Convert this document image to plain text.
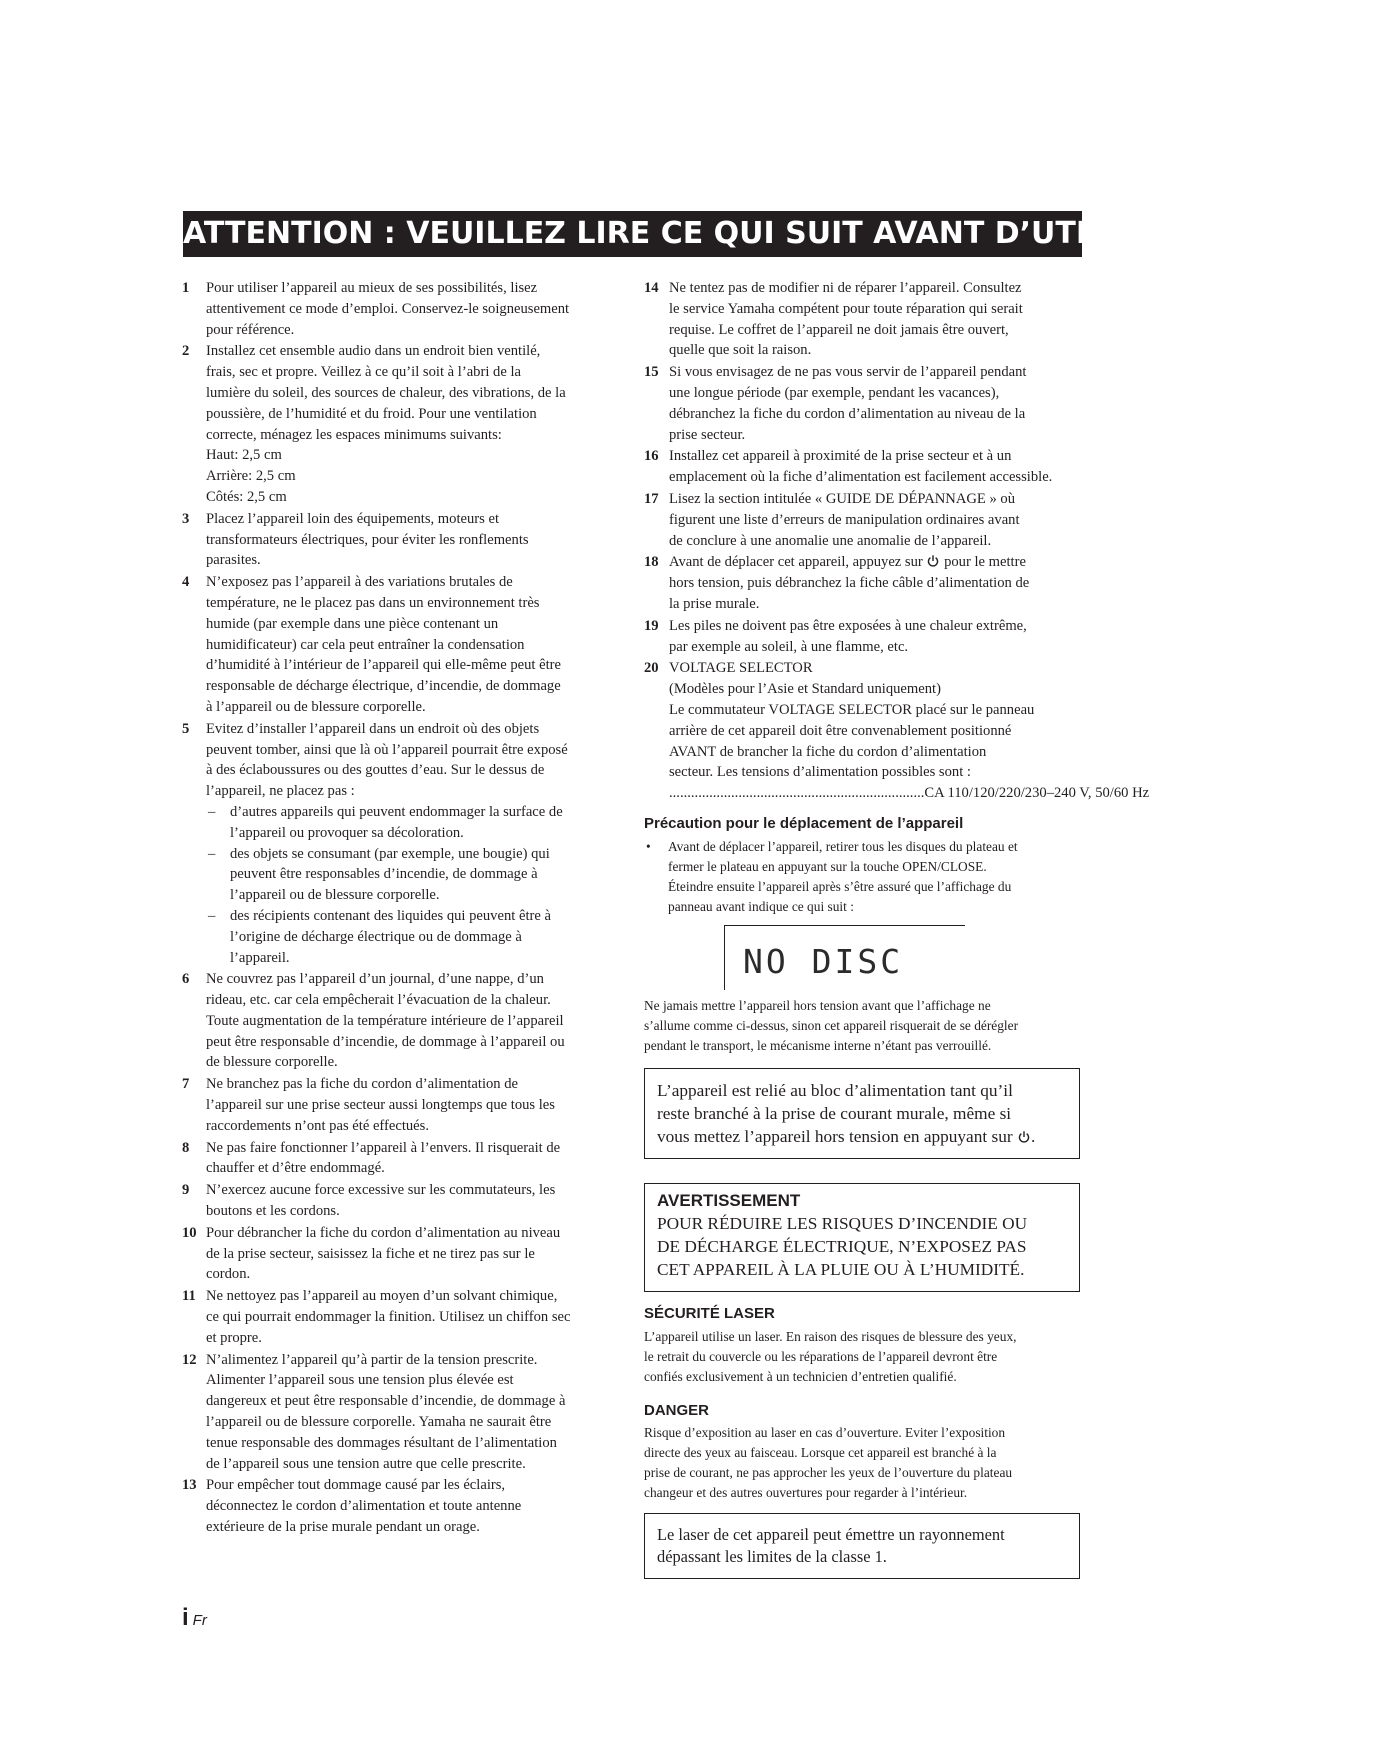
ATTENTION : VEUILLEZ LIRE CE QUI SUIT AVANT D’UTILISER L’APPAREIL.
1	Pour utiliser l’appareil au mieux de ses possibilités, lisez
attentivement ce mode d’emploi. Conservez-le soigneusement
pour référence.
2	Installez cet ensemble audio dans un endroit bien ventilé,
frais, sec et propre. Veillez à ce qu’il soit à l’abri de la
lumière du soleil, des sources de chaleur, des vibrations, de la
poussière, de l’humidité et du froid. Pour une ventilation
correcte, ménagez les espaces minimums suivants:
Haut: 2,5 cm
Arrière: 2,5 cm
Côtés: 2,5 cm
3	Placez l’appareil loin des équipements, moteurs et
transformateurs électriques, pour éviter les ronflements
parasites.
4	N’exposez pas l’appareil à des variations brutales de
température, ne le placez pas dans un environnement très
humide (par exemple dans une pièce contenant un
humidificateur) car cela peut entraîner la condensation
d’humidité à l’intérieur de l’appareil qui elle-même peut être
responsable de décharge électrique, d’incendie, de dommage
à l’appareil ou de blessure corporelle.
5	Evitez d’installer l’appareil dans un endroit où des objets
peuvent tomber, ainsi que là où l’appareil pourrait être exposé
à des éclaboussures ou des gouttes d’eau. Sur le dessus de
l’appareil, ne placez pas :
–	d’autres appareils qui peuvent endommager la surface de
l’appareil ou provoquer sa décoloration.
–	des objets se consumant (par exemple, une bougie) qui
peuvent être responsables d’incendie, de dommage à
l’appareil ou de blessure corporelle.
–	des récipients contenant des liquides qui peuvent être à
l’origine de décharge électrique ou de dommage à
l’appareil.
6	Ne couvrez pas l’appareil d’un journal, d’une nappe, d’un
rideau, etc. car cela empêcherait l’évacuation de la chaleur.
Toute augmentation de la température intérieure de l’appareil
peut être responsable d’incendie, de dommage à l’appareil ou
de blessure corporelle.
7	Ne branchez pas la fiche du cordon d’alimentation de
l’appareil sur une prise secteur aussi longtemps que tous les
raccordements n’ont pas été effectués.
8	Ne pas faire fonctionner l’appareil à l’envers. Il risquerait de
chauffer et d’être endommagé.
9	N’exercez aucune force excessive sur les commutateurs, les
boutons et les cordons.
10 Pour débrancher la fiche du cordon d’alimentation au niveau
de la prise secteur, saisissez la fiche et ne tirez pas sur le
cordon.
11 Ne nettoyez pas l’appareil au moyen d’un solvant chimique,
ce qui pourrait endommager la finition. Utilisez un chiffon sec
et propre.
12 N’alimentez l’appareil qu’à partir de la tension prescrite.
Alimenter l’appareil sous une tension plus élevée est
dangereux et peut être responsable d’incendie, de dommage à
l’appareil ou de blessure corporelle. Yamaha ne saurait être
tenue responsable des dommages résultant de l’alimentation
de l’appareil sous une tension autre que celle prescrite.
13 Pour empêcher tout dommage causé par les éclairs,
déconnectez le cordon d’alimentation et toute antenne
extérieure de la prise murale pendant un orage.
14 Ne tentez pas de modifier ni de réparer l’appareil. Consultez
le service Yamaha compétent pour toute réparation qui serait
requise. Le coffret de l’appareil ne doit jamais être ouvert,
quelle que soit la raison.
15 Si vous envisagez de ne pas vous servir de l’appareil pendant
une longue période (par exemple, pendant les vacances),
débranchez la fiche du cordon d’alimentation au niveau de la
prise secteur.
16 Installez cet appareil à proximité de la prise secteur et à un
emplacement où la fiche d’alimentation est facilement accessible.
17 Lisez la section intitulée « GUIDE DE DÉPANNAGE » où
figurent une liste d’erreurs de manipulation ordinaires avant
de conclure à une anomalie une anomalie de l’appareil.
18 Avant de déplacer cet appareil, appuyez sur  pour le mettre
hors tension, puis débranchez la fiche câble d’alimentation de
la prise murale.
19 Les piles ne doivent pas être exposées à une chaleur extrême,
par exemple au soleil, à une flamme, etc.
20 VOLTAGE SELECTOR
(Modèles pour l’Asie et Standard uniquement)
Le commutateur VOLTAGE SELECTOR placé sur le panneau
arrière de cet appareil doit être convenablement positionné
AVANT de brancher la fiche du cordon d’alimentation
secteur. Les tensions d’alimentation possibles sont :
...................................................................... CA 110/120/220/230–240 V, 50/60 Hz
Précaution pour le déplacement de l’appareil
•	Avant de déplacer l’appareil, retirer tous les disques du plateau et
fermer le plateau en appuyant sur la touche OPEN/CLOSE.
Éteindre ensuite l’appareil après s’être assuré que l’affichage du
panneau avant indique ce qui suit :
NO DISC
Ne jamais mettre l’appareil hors tension avant que l’affichage ne
s’allume comme ci-dessus, sinon cet appareil risquerait de se dérégler
pendant le transport, le mécanisme interne n’étant pas verrouillé.
L’appareil est relié au bloc d’alimentation tant qu’il
reste branché à la prise de courant murale, même si
vous mettez l’appareil hors tension en appuyant sur .
AVERTISSEMENT
POUR RÉDUIRE LES RISQUES D’INCENDIE OU
DE DÉCHARGE ÉLECTRIQUE, N’EXPOSEZ PAS
CET APPAREIL À LA PLUIE OU À L’HUMIDITÉ.
SÉCURITÉ LASER
L’appareil utilise un laser. En raison des risques de blessure des yeux,
le retrait du couvercle ou les réparations de l’appareil devront être
confiés exclusivement à un technicien d’entretien qualifié.
DANGER
Risque d’exposition au laser en cas d’ouverture. Eviter l’exposition
directe des yeux au faisceau. Lorsque cet appareil est branché à la
prise de courant, ne pas approcher les yeux de l’ouverture du plateau
changeur et des autres ouvertures pour regarder à l’intérieur.
Le laser de cet appareil peut émettre un rayonnement
dépassant les limites de la classe 1.
i Fr
